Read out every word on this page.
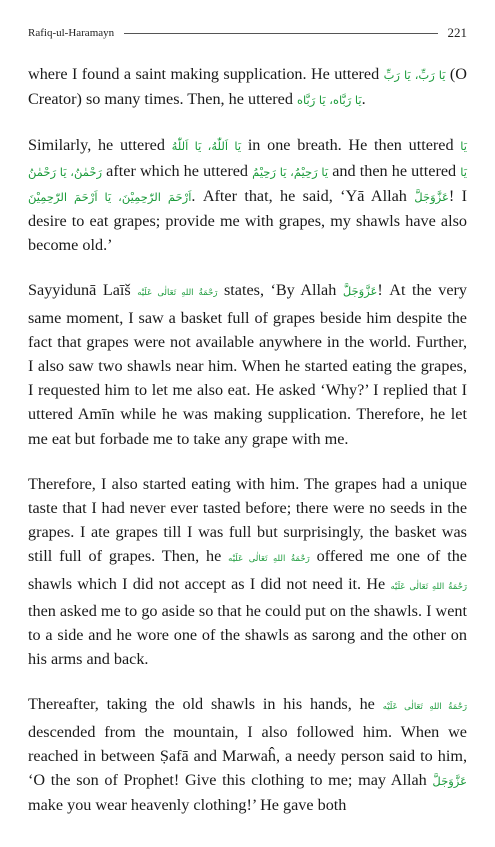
Rafiq-ul-Haramayn	221

where I found a saint making supplication. He uttered يَا رَبِّ، يَا رَبِّ (O Creator) so many times. Then, he uttered يَا رَبَّاه، يَا رَبَّاه.

Similarly, he uttered يَا اَللّٰهُ، يَا اَللّٰهُ in one breath. He then uttered يَا رَحْمٰنُ، يَا رَحْمٰنُ after which he uttered يَا رَحِيْمُ، يَا رَحِيْمُ and then he uttered يَا اَرْحَمَ الرّٰحِمِيْنَ، يَا اَرْحَمَ الرّٰحِمِيْنَ. After that, he said, ‘Yā Allah عَزَّوَجَلَّ! I desire to eat grapes; provide me with grapes, my shawls have also become old.’

Sayyidunā Laīš رَحْمَةُ اللهِ تَعَالٰى عَلَيْه states, ‘By Allah عَزَّوَجَلَّ! At the very same moment, I saw a basket full of grapes beside him despite the fact that grapes were not available anywhere in the world. Further, I also saw two shawls near him. When he started eating the grapes, I requested him to let me also eat. He asked ‘Why?’ I replied that I uttered Amīn while he was making supplication. Therefore, he let me eat but forbade me to take any grape with me.

Therefore, I also started eating with him. The grapes had a unique taste that I had never ever tasted before; there were no seeds in the grapes. I ate grapes till I was full but surprisingly, the basket was still full of grapes. Then, he رَحْمَةُ اللهِ تَعَالٰى عَلَيْه offered me one of the shawls which I did not accept as I did not need it. He رَحْمَةُ اللهِ تَعَالٰى عَلَيْه then asked me to go aside so that he could put on the shawls. I went to a side and he wore one of the shawls as sarong and the other on his arms and back.

Thereafter, taking the old shawls in his hands, he رَحْمَةُ اللهِ تَعَالٰى عَلَيْه descended from the mountain, I also followed him. When we reached in between Ṣafā and Marwaĥ, a needy person said to him, ‘O the son of Prophet! Give this clothing to me; may Allah عَزَّوَجَلَّ make you wear heavenly clothing!’ He gave both
